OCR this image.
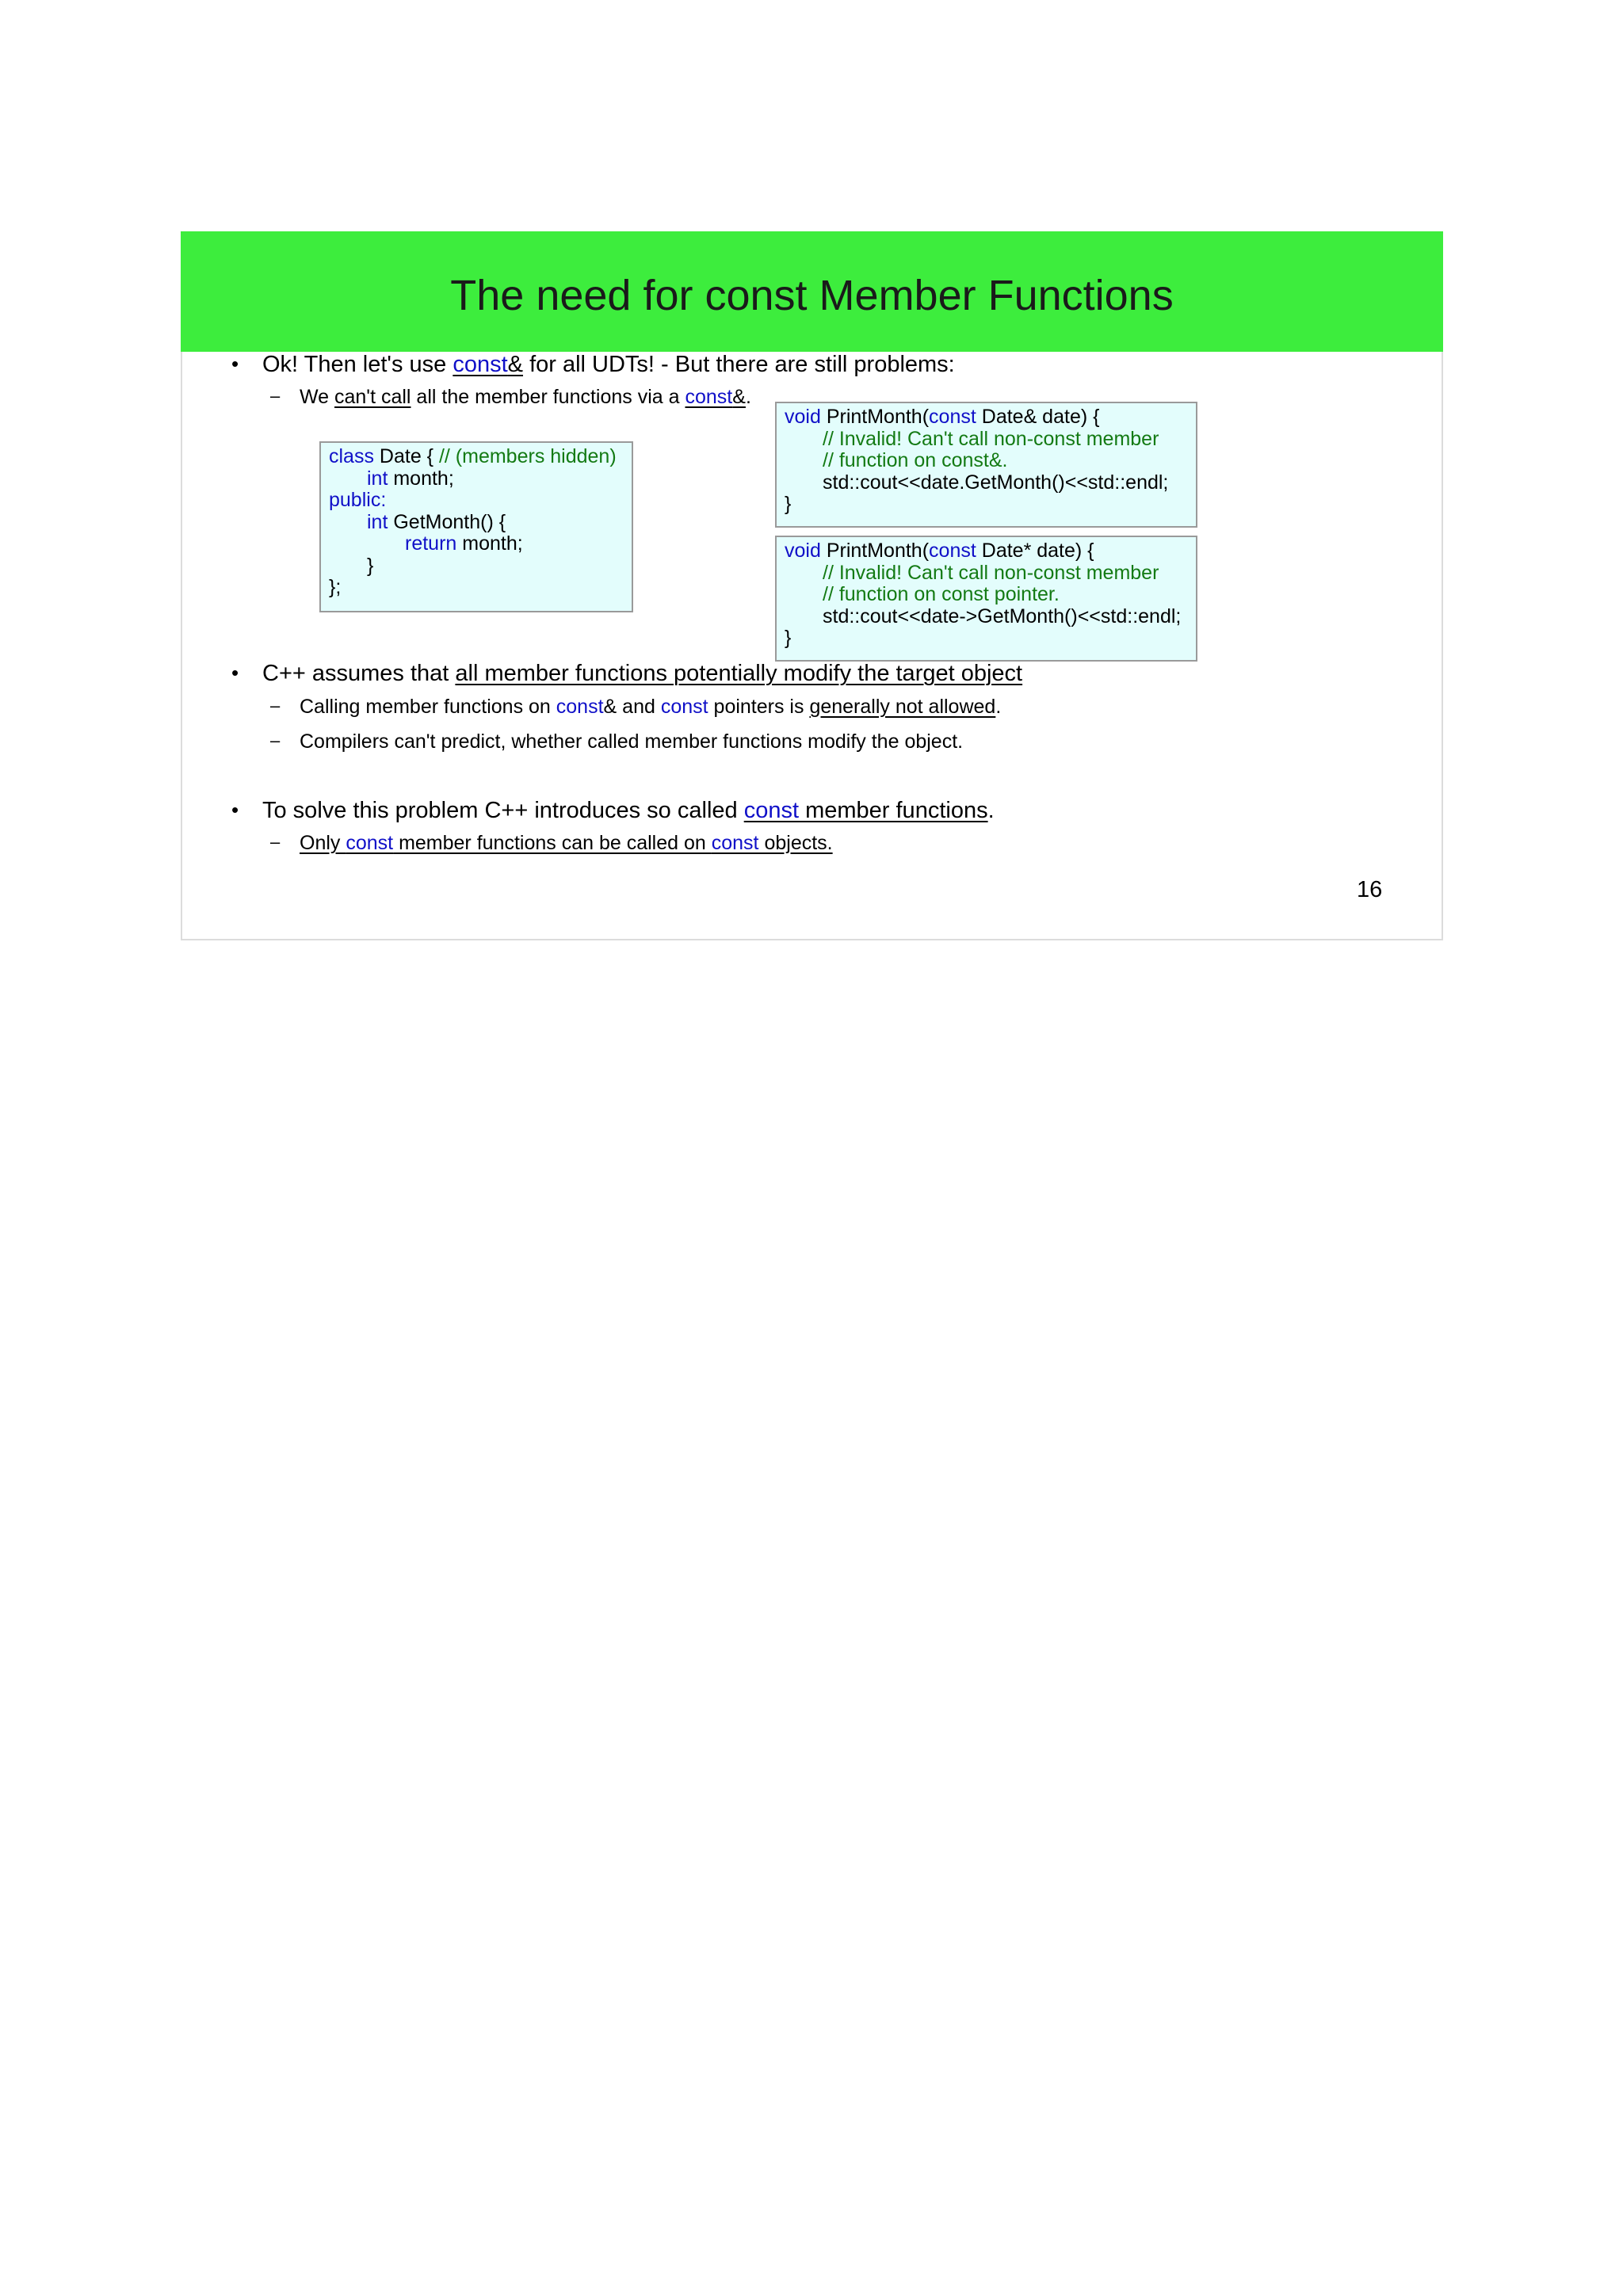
The need for const Member Functions
• Ok! Then let's use const& for all UDTs! - But there are still problems:
– We can't call all the member functions via a const&.
class Date { // (members hidden)
int month;
public:
int GetMonth() {
return month;
}
};
void PrintMonth(const Date& date) {
// Invalid! Can't call non-const member
// function on const&.
std::cout<<date.GetMonth()<<std::endl;
}
void PrintMonth(const Date* date) {
// Invalid! Can't call non-const member
// function on const pointer.
std::cout<<date->GetMonth()<<std::endl;
}
• C++ assumes that all member functions potentially modify the target object
– Calling member functions on const& and const pointers is generally not allowed.
– Compilers can't predict, whether called member functions modify the object.
• To solve this problem C++ introduces so called const member functions.
– Only const member functions can be called on const objects.
16
